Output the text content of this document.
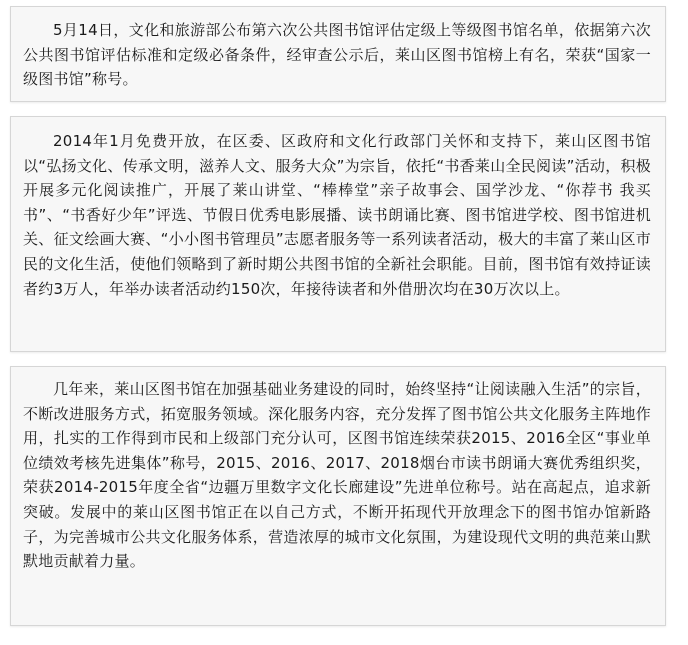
5月14日，文化和旅游部公布第六次公共图书馆评估定级上等级图书馆名单，依据第六次公共图书馆评估标准和定级必备条件，经审查公示后，莱山区图书馆榜上有名，荣获“国家一级图书馆”称号。

2014年1月免费开放，在区委、区政府和文化行政部门关怀和支持下，莱山区图书馆以“弘扬文化、传承文明，滋养人文、服务大众”为宗旨，依托“书香莱山全民阅读”活动，积极开展多元化阅读推广，开展了莱山讲堂、“棒棒堂”亲子故事会、国学沙龙、“你荐书 我买书”、“书香好少年”评选、节假日优秀电影展播、读书朗诵比赛、图书馆进学校、图书馆进机关、征文绘画大赛、“小小图书管理员”志愿者服务等一系列读者活动，极大的丰富了莱山区市民的文化生活，使他们领略到了新时期公共图书馆的全新社会职能。目前，图书馆有效持证读者约3万人，年举办读者活动约150次，年接待读者和外借册次均在30万次以上。

几年来，莱山区图书馆在加强基础业务建设的同时，始终坚持“让阅读融入生活”的宗旨，不断改进服务方式，拓宽服务领域。深化服务内容，充分发挥了图书馆公共文化服务主阵地作用，扎实的工作得到市民和上级部门充分认可，区图书馆连续荣获2015、2016全区“事业单位绩效考核先进集体”称号，2015、2016、2017、2018烟台市读书朗诵大赛优秀组织奖，荣获2014-2015年度全省“边疆万里数字文化长廊建设”先进单位称号。站在高起点，追求新突破。发展中的莱山区图书馆正在以自己方式，不断开拓现代开放理念下的图书馆办馆新路子，为完善城市公共文化服务体系，营造浓厚的城市文化氛围，为建设现代文明的典范莱山默默地贡献着力量。
